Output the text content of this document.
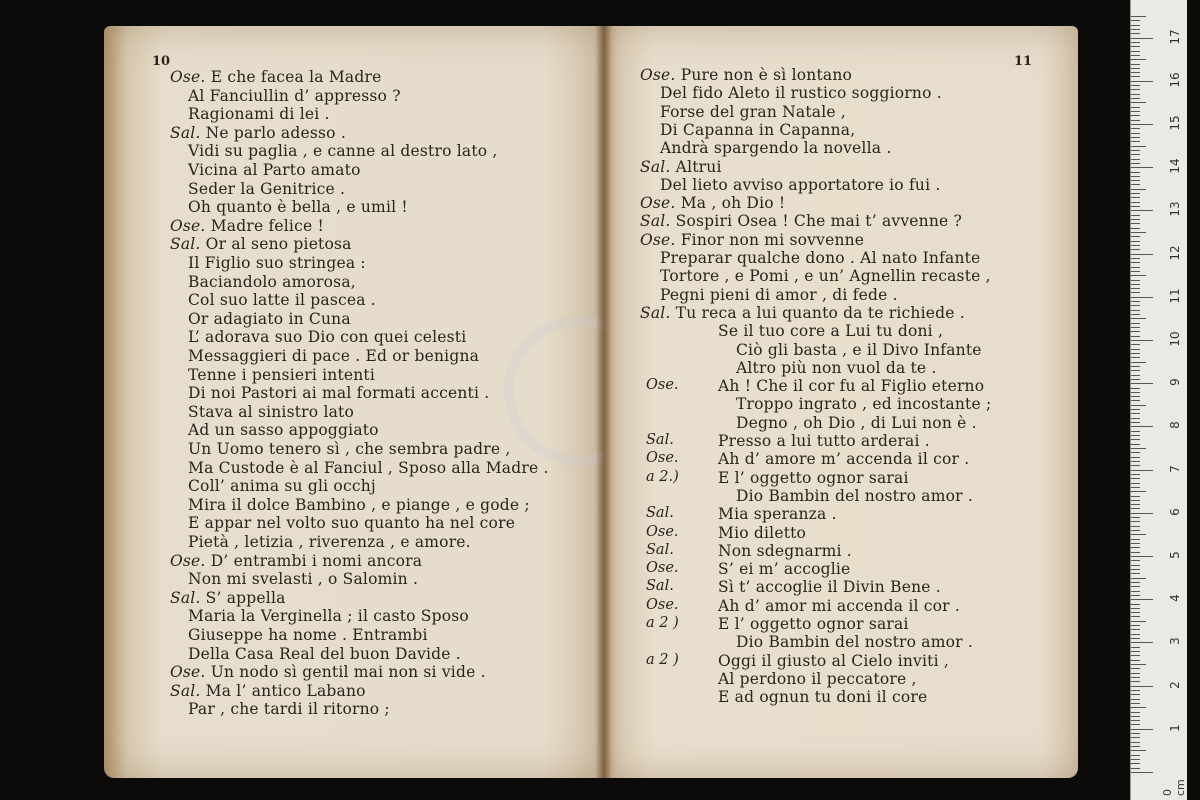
10	11
Ose. E che facea la Madre
Al Fanciullin d’ appresso ?
Ragionami di lei .
Sal. Ne parlo adesso .
Vidi su paglia , e canne al destro lato ,
Vicina al Parto amato
Seder la Genitrice .
Oh quanto è bella , e umil !
Ose. Madre felice !
Sal. Or al seno pietosa
Il Figlio suo stringea :
Baciandolo amorosa,
Col suo latte il pascea .
Or adagiato in Cuna
L’ adorava suo Dio con quei celesti
Messaggieri di pace . Ed or benigna
Tenne i pensieri intenti
Di noi Pastori ai mal formati accenti .
Stava al sinistro lato
Ad un sasso appoggiato
Un Uomo tenero sì , che sembra padre ,
Ma Custode è al Fanciul , Sposo alla Madre .
Coll’ anima su gli occhj
Mira il dolce Bambino , e piange , e gode ;
E appar nel volto suo quanto ha nel core
Pietà , letizia , riverenza , e amore.
Ose. D’ entrambi i nomi ancora
Non mi svelasti , o Salomin .
Sal. S’ appella
Maria la Verginella ; il casto Sposo
Giuseppe ha nome . Entrambi
Della Casa Real del buon Davide .
Ose. Un nodo sì gentil mai non si vide .
Sal. Ma l’ antico Labano
Par , che tardi il ritorno ;
Ose. Pure non è sì lontano
Del fido Aleto il rustico soggiorno .
Forse del gran Natale ,
Di Capanna in Capanna,
Andrà spargendo la novella .
Sal. Altrui
Del lieto avviso apportatore io fui .
Ose. Ma , oh Dio !
Sal. Sospiri Osea ! Che mai t’ avvenne ?
Ose. Finor non mi sovvenne
Preparar qualche dono . Al nato Infante
Tortore , e Pomi , e un’ Agnellin recaste ,
Pegni pieni di amor , di fede .
Sal. Tu reca a lui quanto da te richiede .
Se il tuo core a Lui tu doni ,
Ciò gli basta , e il Divo Infante
Altro più non vuol da te .
Ose.	Ah ! Che il cor fu al Figlio eterno
Troppo ingrato , ed incostante ;
Degno , oh Dio , di Lui non è .
Sal.	Presso a lui tutto arderai .
Ose.	Ah d’ amore m’ accenda il cor .
a 2.)	E l’ oggetto ognor sarai
Dio Bambin del nostro amor .
Sal.	Mia speranza .
Ose.	Mio diletto
Sal.	Non sdegnarmi .
Ose.	S’ ei m’ accoglie
Sal.	Sì t’ accoglie il Divin Bene .
Ose.	Ah d’ amor mi accenda il cor .
a 2 )	E l’ oggetto ognor sarai
Dio Bambin del nostro amor .
a 2 )	Oggi il giusto al Cielo inviti ,
Al perdono il peccatore ,
E ad ognun tu doni il core
0 cm
1
2
3
4
5
6
7
8
9
10
11
12
13
14
15
16
17
